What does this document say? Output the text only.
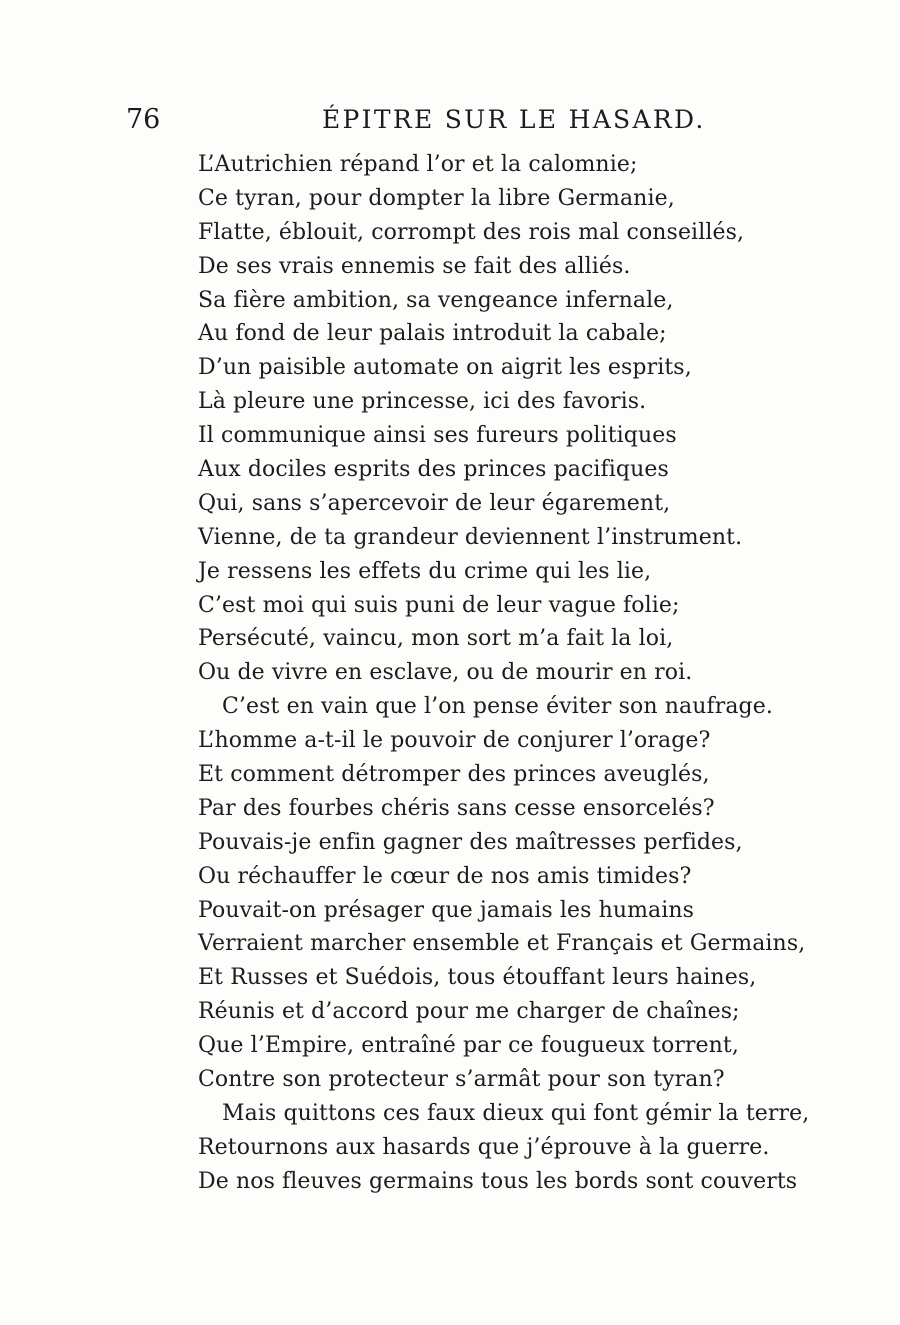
76	ÉPITRE SUR LE HASARD.
L’Autrichien répand l’or et la calomnie;
Ce tyran, pour dompter la libre Germanie,
Flatte, éblouit, corrompt des rois mal conseillés,
De ses vrais ennemis se fait des alliés.
Sa fière ambition, sa vengeance infernale,
Au fond de leur palais introduit la cabale;
D’un paisible automate on aigrit les esprits,
Là pleure une princesse, ici des favoris.
Il communique ainsi ses fureurs politiques
Aux dociles esprits des princes pacifiques
Qui, sans s’apercevoir de leur égarement,
Vienne, de ta grandeur deviennent l’instrument.
Je ressens les effets du crime qui les lie,
C’est moi qui suis puni de leur vague folie;
Persécuté, vaincu, mon sort m’a fait la loi,
Ou de vivre en esclave, ou de mourir en roi.
C’est en vain que l’on pense éviter son naufrage.
L’homme a-t-il le pouvoir de conjurer l’orage?
Et comment détromper des princes aveuglés,
Par des fourbes chéris sans cesse ensorcelés?
Pouvais-je enfin gagner des maîtresses perfides,
Ou réchauffer le cœur de nos amis timides?
Pouvait-on présager que jamais les humains
Verraient marcher ensemble et Français et Germains,
Et Russes et Suédois, tous étouffant leurs haines,
Réunis et d’accord pour me charger de chaînes;
Que l’Empire, entraîné par ce fougueux torrent,
Contre son protecteur s’armât pour son tyran?
Mais quittons ces faux dieux qui font gémir la terre,
Retournons aux hasards que j’éprouve à la guerre.
De nos fleuves germains tous les bords sont couverts
